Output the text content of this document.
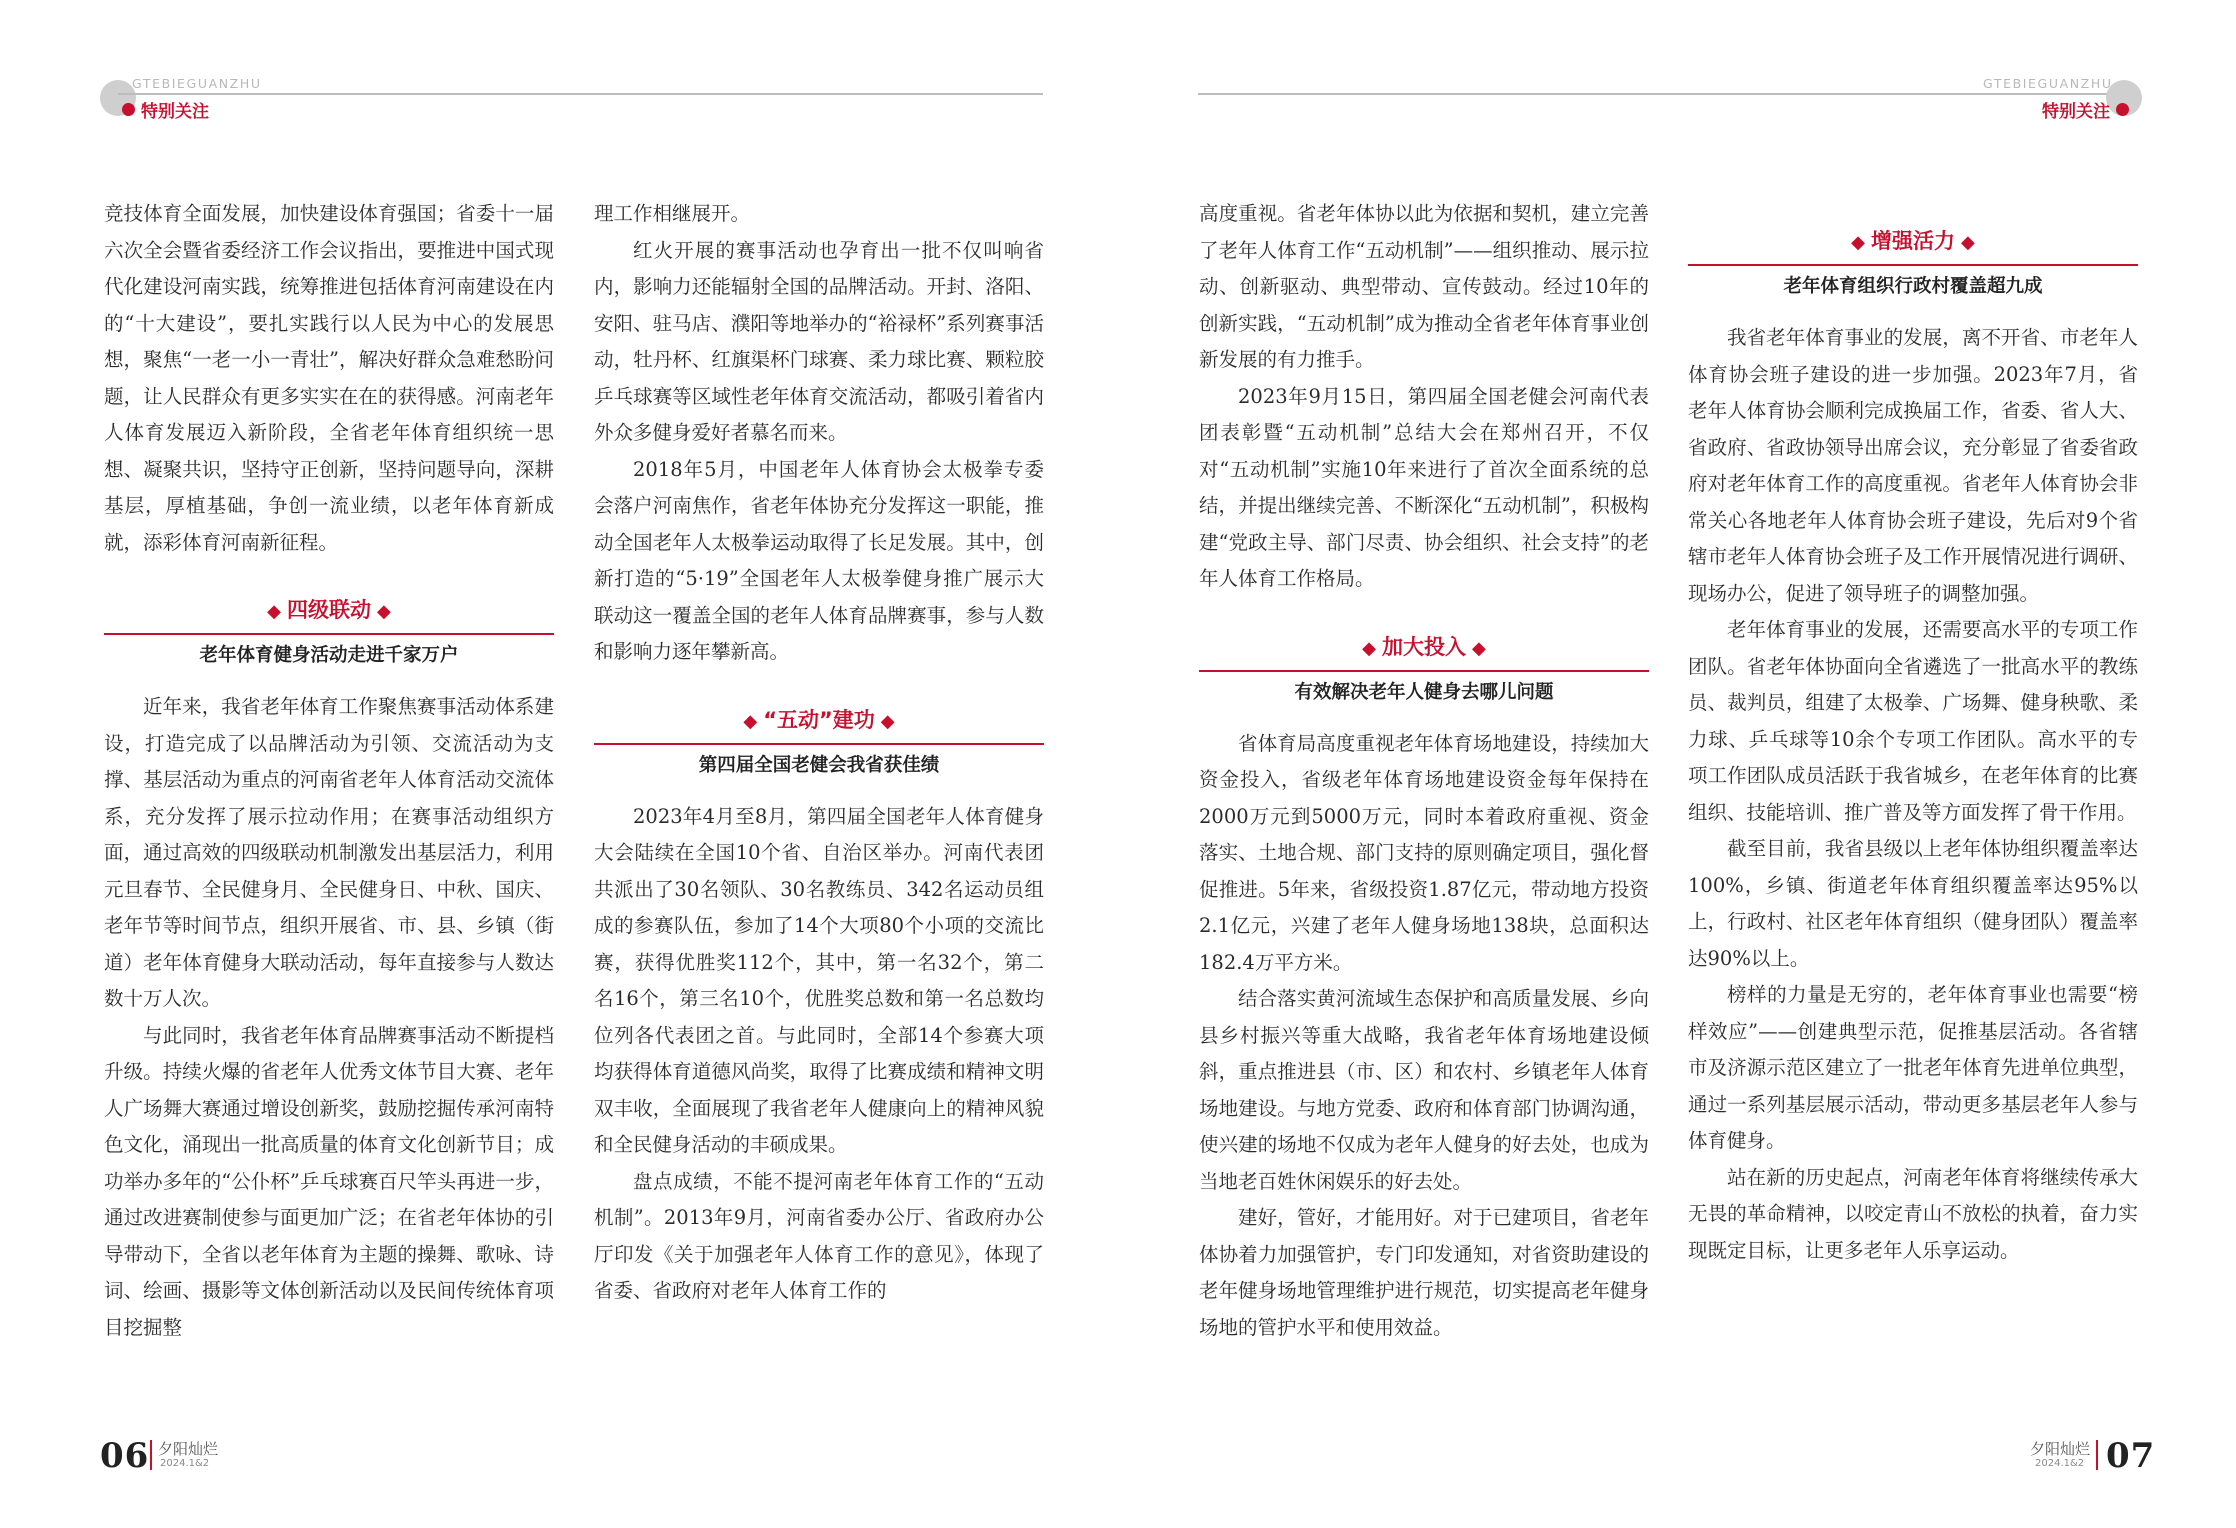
GTEBIEGUANZHU
特别关注

竞技体育全面发展，加快建设体育强国；省委十一届六次全会暨省委经济工作会议指出，要推进中国式现代化建设河南实践，统筹推进包括体育河南建设在内的“十大建设”，要扎实践行以人民为中心的发展思想，聚焦“一老一小一青壮”，解决好群众急难愁盼问题，让人民群众有更多实实在在的获得感。河南老年人体育发展迈入新阶段，全省老年体育组织统一思想、凝聚共识，坚持守正创新，坚持问题导向，深耕基层，厚植基础，争创一流业绩，以老年体育新成就，添彩体育河南新征程。

◆ 四级联动 ◆
老年体育健身活动走进千家万户

近年来，我省老年体育工作聚焦赛事活动体系建设，打造完成了以品牌活动为引领、交流活动为支撑、基层活动为重点的河南省老年人体育活动交流体系，充分发挥了展示拉动作用；在赛事活动组织方面，通过高效的四级联动机制激发出基层活力，利用元旦春节、全民健身月、全民健身日、中秋、国庆、老年节等时间节点，组织开展省、市、县、乡镇（街道）老年体育健身大联动活动，每年直接参与人数达数十万人次。

与此同时，我省老年体育品牌赛事活动不断提档升级。持续火爆的省老年人优秀文体节目大赛、老年人广场舞大赛通过增设创新奖，鼓励挖掘传承河南特色文化，涌现出一批高质量的体育文化创新节目；成功举办多年的“公仆杯”乒乓球赛百尺竿头再进一步，通过改进赛制使参与面更加广泛；在省老年体协的引导带动下，全省以老年体育为主题的操舞、歌咏、诗词、绘画、摄影等文体创新活动以及民间传统体育项目挖掘整

理工作相继展开。

红火开展的赛事活动也孕育出一批不仅叫响省内，影响力还能辐射全国的品牌活动。开封、洛阳、安阳、驻马店、濮阳等地举办的“裕禄杯”系列赛事活动，牡丹杯、红旗渠杯门球赛、柔力球比赛、颗粒胶乒乓球赛等区域性老年体育交流活动，都吸引着省内外众多健身爱好者慕名而来。

2018年5月，中国老年人体育协会太极拳专委会落户河南焦作，省老年体协充分发挥这一职能，推动全国老年人太极拳运动取得了长足发展。其中，创新打造的“5·19”全国老年人太极拳健身推广展示大联动这一覆盖全国的老年人体育品牌赛事，参与人数和影响力逐年攀新高。

◆ “五动”建功 ◆
第四届全国老健会我省获佳绩

2023年4月至8月，第四届全国老年人体育健身大会陆续在全国10个省、自治区举办。河南代表团共派出了30名领队、30名教练员、342名运动员组成的参赛队伍，参加了14个大项80个小项的交流比赛，获得优胜奖112个，其中，第一名32个，第二名16个，第三名10个，优胜奖总数和第一名总数均位列各代表团之首。与此同时，全部14个参赛大项均获得体育道德风尚奖，取得了比赛成绩和精神文明双丰收，全面展现了我省老年人健康向上的精神风貌和全民健身活动的丰硕成果。

盘点成绩，不能不提河南老年体育工作的“五动机制”。2013年9月，河南省委办公厅、省政府办公厅印发《关于加强老年人体育工作的意见》，体现了省委、省政府对老年人体育工作的

06 夕阳灿烂
2024.1&2
GTEBIEGUANZHU
特别关注

高度重视。省老年体协以此为依据和契机，建立完善了老年人体育工作“五动机制”——组织推动、展示拉动、创新驱动、典型带动、宣传鼓动。经过10年的创新实践，“五动机制”成为推动全省老年体育事业创新发展的有力推手。

2023年9月15日，第四届全国老健会河南代表团表彰暨“五动机制”总结大会在郑州召开，不仅对“五动机制”实施10年来进行了首次全面系统的总结，并提出继续完善、不断深化“五动机制”，积极构建“党政主导、部门尽责、协会组织、社会支持”的老年人体育工作格局。

◆ 加大投入 ◆
有效解决老年人健身去哪儿问题

省体育局高度重视老年体育场地建设，持续加大资金投入，省级老年体育场地建设资金每年保持在2000万元到5000万元，同时本着政府重视、资金落实、土地合规、部门支持的原则确定项目，强化督促推进。5年来，省级投资1.87亿元，带动地方投资2.1亿元，兴建了老年人健身场地138块，总面积达182.4万平方米。

结合落实黄河流域生态保护和高质量发展、乡向县乡村振兴等重大战略，我省老年体育场地建设倾斜，重点推进县（市、区）和农村、乡镇老年人体育场地建设。与地方党委、政府和体育部门协调沟通，使兴建的场地不仅成为老年人健身的好去处，也成为当地老百姓休闲娱乐的好去处。

建好，管好，才能用好。对于已建项目，省老年体协着力加强管护，专门印发通知，对省资助建设的老年健身场地管理维护进行规范，切实提高老年健身场地的管护水平和使用效益。

◆ 增强活力 ◆
老年体育组织行政村覆盖超九成

我省老年体育事业的发展，离不开省、市老年人体育协会班子建设的进一步加强。2023年7月，省老年人体育协会顺利完成换届工作，省委、省人大、省政府、省政协领导出席会议，充分彰显了省委省政府对老年体育工作的高度重视。省老年人体育协会非常关心各地老年人体育协会班子建设，先后对9个省辖市老年人体育协会班子及工作开展情况进行调研、现场办公，促进了领导班子的调整加强。

老年体育事业的发展，还需要高水平的专项工作团队。省老年体协面向全省遴选了一批高水平的教练员、裁判员，组建了太极拳、广场舞、健身秧歌、柔力球、乒乓球等10余个专项工作团队。高水平的专项工作团队成员活跃于我省城乡，在老年体育的比赛组织、技能培训、推广普及等方面发挥了骨干作用。

截至目前，我省县级以上老年体协组织覆盖率达100%，乡镇、街道老年体育组织覆盖率达95%以上，行政村、社区老年体育组织（健身团队）覆盖率达90%以上。

榜样的力量是无穷的，老年体育事业也需要“榜样效应”——创建典型示范，促推基层活动。各省辖市及济源示范区建立了一批老年体育先进单位典型，通过一系列基层展示活动，带动更多基层老年人参与体育健身。

站在新的历史起点，河南老年体育将继续传承大无畏的革命精神，以咬定青山不放松的执着，奋力实现既定目标，让更多老年人乐享运动。

夕阳灿烂
2024.1&2 07
